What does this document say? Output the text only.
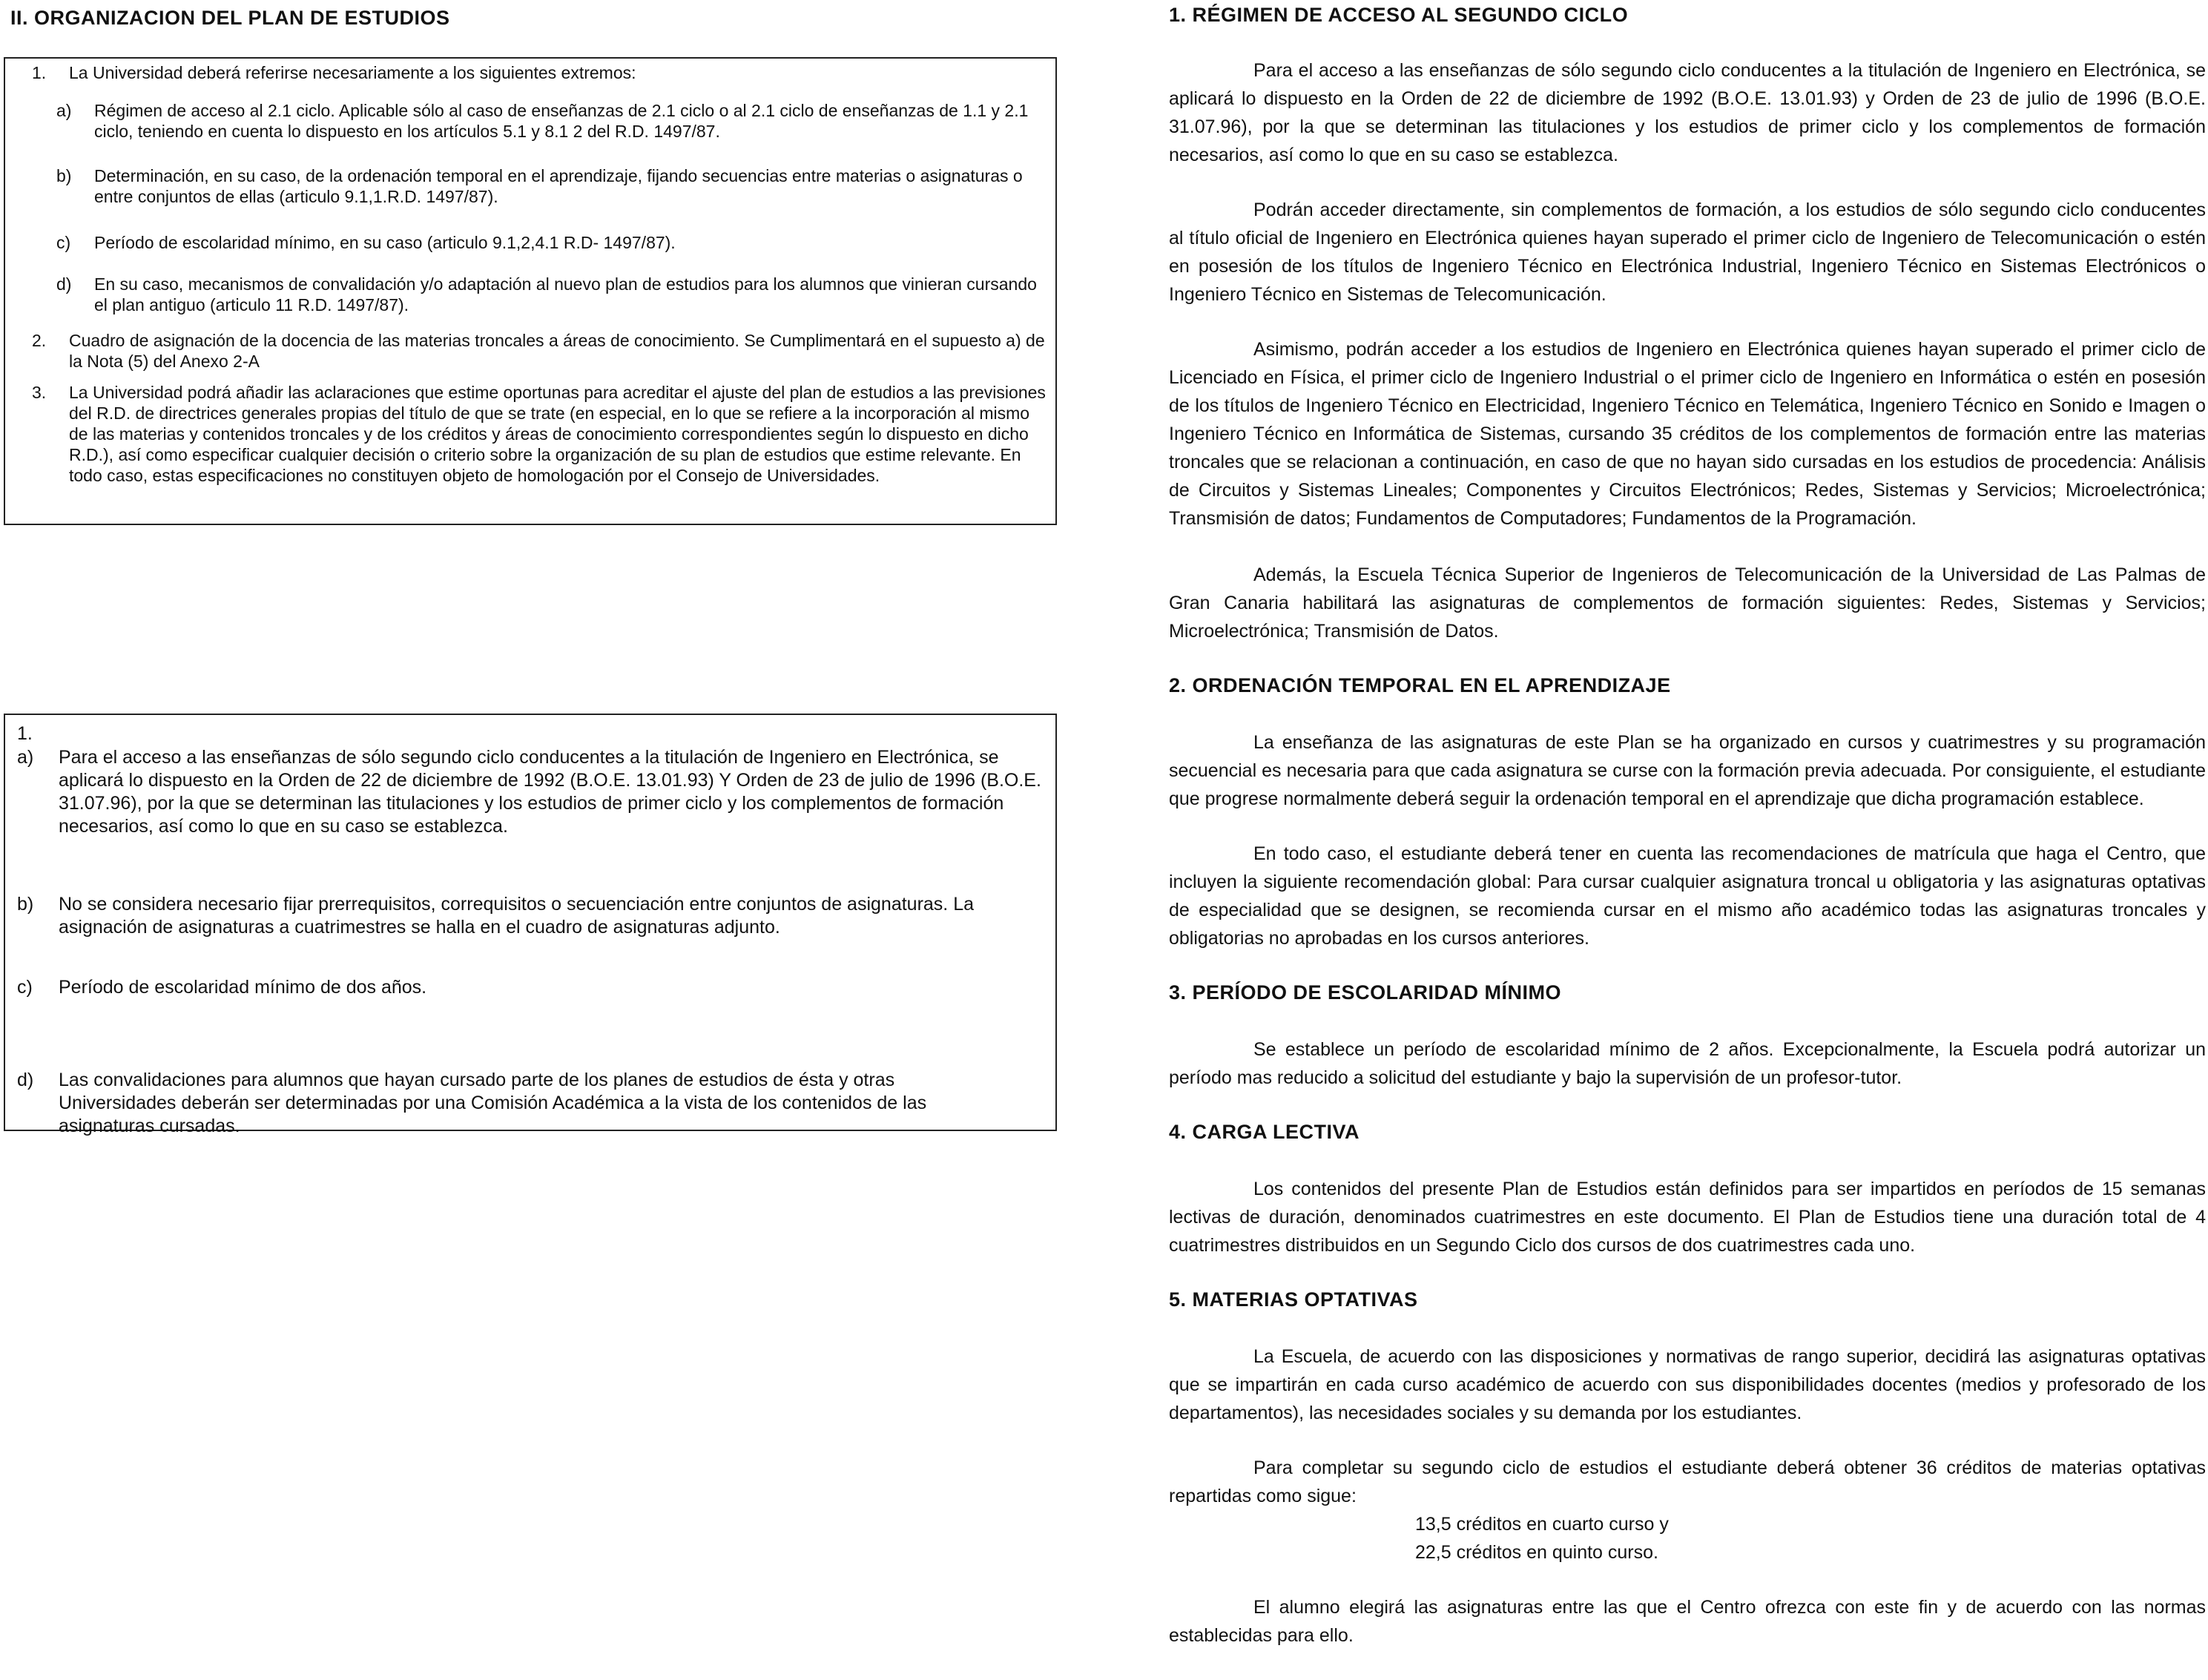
II. ORGANIZACION DEL PLAN DE ESTUDIOS
1. La Universidad deberá referirse necesariamente a los siguientes extremos:

a) Régimen de acceso al 2.1 ciclo. Aplicable sólo al caso de enseñanzas de 2.1 ciclo o al 2.1 ciclo de enseñanzas de 1.1 y 2.1 ciclo, teniendo en cuenta lo dispuesto en los artículos 5.1 y 8.1 2 del R.D. 1497/87.

b) Determinación, en su caso, de la ordenación temporal en el aprendizaje, fijando secuencias entre materias o asignaturas o entre conjuntos de ellas (articulo 9.1,1.R.D. 1497/87).

c) Período de escolaridad mínimo, en su caso (articulo 9.1,2,4.1 R.D- 1497/87).

d) En su caso, mecanismos de convalidación y/o adaptación al nuevo plan de estudios para los alumnos que vinieran cursando el plan antiguo (articulo 11 R.D. 1497/87).

2. Cuadro de asignación de la docencia de las materias troncales a áreas de conocimiento. Se Cumplimentará en el supuesto a) de la Nota (5) del Anexo 2-A

3. La Universidad podrá añadir las aclaraciones que estime oportunas para acreditar el ajuste del plan de estudios a las previsiones del R.D. de directrices generales propias del título de que se trate (en especial, en lo que se refiere a la incorporación al mismo de las materias y contenidos troncales y de los créditos y áreas de conocimiento correspondientes según lo dispuesto en dicho R.D.), así como especificar cualquier decisión o criterio sobre la organización de su plan de estudios que estime relevante. En todo caso, estas especificaciones no constituyen objeto de homologación por el Consejo de Universidades.

1.
a) Para el acceso a las enseñanzas de sólo segundo ciclo conducentes a la titulación de Ingeniero en Electrónica, se aplicará lo dispuesto en la Orden de 22 de diciembre de 1992 (B.O.E. 13.01.93) Y Orden de 23 de julio de 1996 (B.O.E. 31.07.96), por la que se determinan las titulaciones y los estudios de primer ciclo y los complementos de formación necesarios, así como lo que en su caso se establezca.

b) No se considera necesario fijar prerrequisitos, correquisitos o secuenciación entre conjuntos de asignaturas. La asignación de asignaturas a cuatrimestres se halla en el cuadro de asignaturas adjunto.

c) Período de escolaridad mínimo de dos años.

d) Las convalidaciones para alumnos que hayan cursado parte de los planes de estudios de ésta y otras Universidades deberán ser determinadas por una Comisión Académica a la vista de los contenidos de las asignaturas cursadas.

1. RÉGIMEN DE ACCESO AL SEGUNDO CICLO

Para el acceso a las enseñanzas de sólo segundo ciclo conducentes a la titulación de Ingeniero en Electrónica, se aplicará lo dispuesto en la Orden de 22 de diciembre de 1992 (B.O.E. 13.01.93) y Orden de 23 de julio de 1996 (B.O.E. 31.07.96), por la que se determinan las titulaciones y los estudios de primer ciclo y los complementos de formación necesarios, así como lo que en su caso se establezca.

Podrán acceder directamente, sin complementos de formación, a los estudios de sólo segundo ciclo conducentes al título oficial de Ingeniero en Electrónica quienes hayan superado el primer ciclo de Ingeniero de Telecomunicación o estén en posesión de los títulos de Ingeniero Técnico en Electrónica Industrial, Ingeniero Técnico en Sistemas Electrónicos o Ingeniero Técnico en Sistemas de Telecomunicación.

Asimismo, podrán acceder a los estudios de Ingeniero en Electrónica quienes hayan superado el primer ciclo de Licenciado en Física, el primer ciclo de Ingeniero Industrial o el primer ciclo de Ingeniero en Informática o estén en posesión de los títulos de Ingeniero Técnico en Electricidad, Ingeniero Técnico en Telemática, Ingeniero Técnico en Sonido e Imagen o Ingeniero Técnico en Informática de Sistemas, cursando 35 créditos de los complementos de formación entre las materias troncales que se relacionan a continuación, en caso de que no hayan sido cursadas en los estudios de procedencia: Análisis de Circuitos y Sistemas Lineales; Componentes y Circuitos Electrónicos; Redes, Sistemas y Servicios; Microelectrónica; Transmisión de datos; Fundamentos de Computadores; Fundamentos de la Programación.

Además, la Escuela Técnica Superior de Ingenieros de Telecomunicación de la Universidad de Las Palmas de Gran Canaria habilitará las asignaturas de complementos de formación siguientes: Redes, Sistemas y Servicios; Microelectrónica; Transmisión de Datos.

2. ORDENACIÓN TEMPORAL EN EL APRENDIZAJE

La enseñanza de las asignaturas de este Plan se ha organizado en cursos y cuatrimestres y su programación secuencial es necesaria para que cada asignatura se curse con la formación previa adecuada. Por consiguiente, el estudiante que progrese normalmente deberá seguir la ordenación temporal en el aprendizaje que dicha programación establece.

En todo caso, el estudiante deberá tener en cuenta las recomendaciones de matrícula que haga el Centro, que incluyen la siguiente recomendación global: Para cursar cualquier asignatura troncal u obligatoria y las asignaturas optativas de especialidad que se designen, se recomienda cursar en el mismo año académico todas las asignaturas troncales y obligatorias no aprobadas en los cursos anteriores.

3. PERÍODO DE ESCOLARIDAD MÍNIMO

Se establece un período de escolaridad mínimo de 2 años. Excepcionalmente, la Escuela podrá autorizar un período mas reducido a solicitud del estudiante y bajo la supervisión de un profesor-tutor.

4. CARGA LECTIVA

Los contenidos del presente Plan de Estudios están definidos para ser impartidos en períodos de 15 semanas lectivas de duración, denominados cuatrimestres en este documento. El Plan de Estudios tiene una duración total de 4 cuatrimestres distribuidos en un Segundo Ciclo dos cursos de dos cuatrimestres cada uno.

5. MATERIAS OPTATIVAS

La Escuela, de acuerdo con las disposiciones y normativas de rango superior, decidirá las asignaturas optativas que se impartirán en cada curso académico de acuerdo con sus disponibilidades docentes (medios y profesorado de los departamentos), las necesidades sociales y su demanda por los estudiantes.

Para completar su segundo ciclo de estudios el estudiante deberá obtener 36 créditos de materias optativas repartidas como sigue:

13,5 créditos en cuarto curso y

22,5 créditos en quinto curso.

El alumno elegirá las asignaturas entre las que el Centro ofrezca con este fin y de acuerdo con las normas establecidas para ello.
